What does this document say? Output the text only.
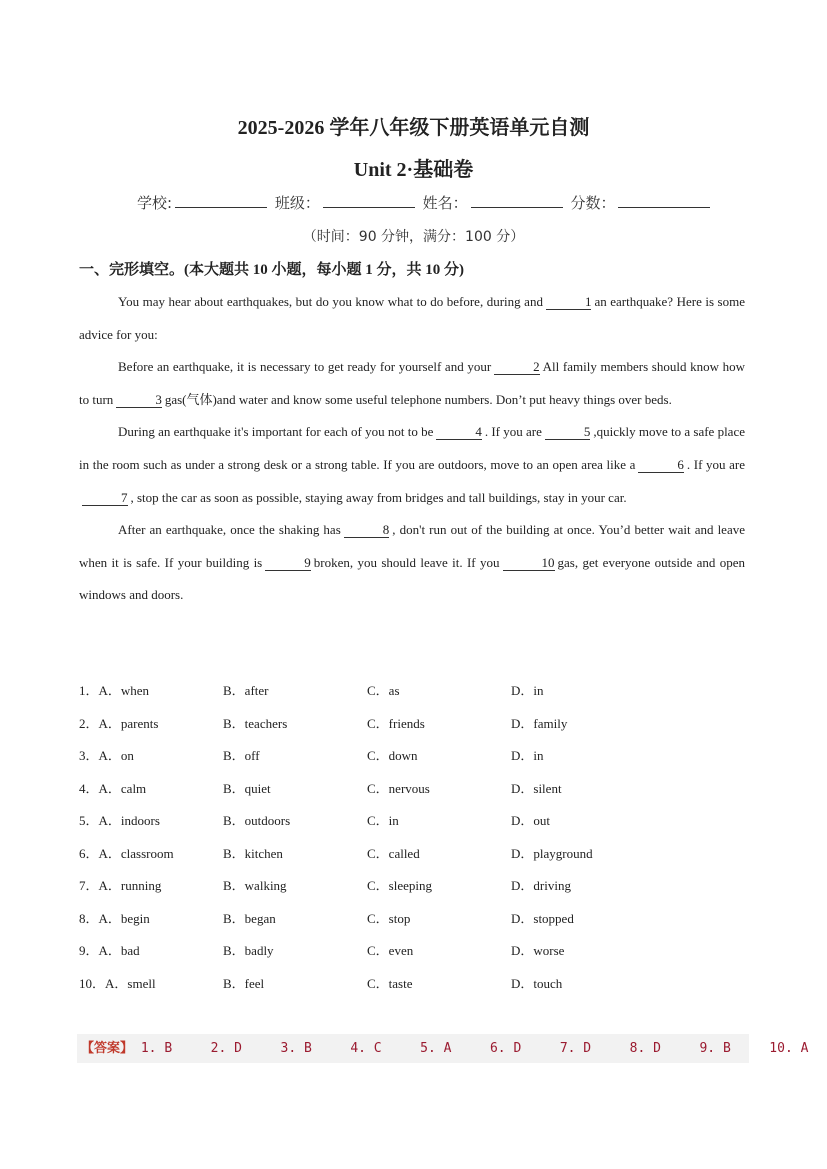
2025-2026 学年八年级下册英语单元自测
Unit 2·基础卷
学校:	班级：	姓名：	分数：
（时间：90 分钟，满分：100 分）
一、完形填空。(本大题共 10 小题，每小题 1 分，共 10 分)

You may hear about earthquakes, but do you know what to do before, during and	1 an earthquake? Here is some advice for you:

Before an earthquake, it is necessary to get ready for yourself and your	2 All family members should know how to turn	3 gas(气体)and water and know some useful telephone numbers. Don’t put heavy things over beds.

During an earthquake it's important for each of you not to be	4 . If you are	5 ,quickly move to a safe place in the room such as under a strong desk or a strong table. If you are outdoors, move to an open area like a	6 . If you are7 , stop the car as soon as possible, staying away from bridges and tall buildings, stay in your car.

After an earthquake, once the shaking has	8 , don't run out of the building at once. You’d better wait and leave when it is safe. If your building is	9 broken, you should leave it. If you	10 gas, get everyone outside and open windows and doors.

1．A．when	B．after	C．as	D．in
2．A．parents	B．teachers	C．friends	D．family
3．A．on	B．off	C．down	D．in
4．A．calm	B．quiet	C．nervous	D．silent
5．A．indoors	B．outdoors	C．in	D．out
6．A．classroom	B．kitchen	C．called	D．playground
7．A．running	B．walking	C．sleeping	D．driving
8．A．begin	B．began	C．stop	D．stopped
9．A．bad	B．badly	C．even	D．worse
10．A．smell	B．feel	C．taste	D．touch
【答案】 1. B	2. D	3. B	4. C	5. A	6. D	7. D	8. D	9. B	10. A
